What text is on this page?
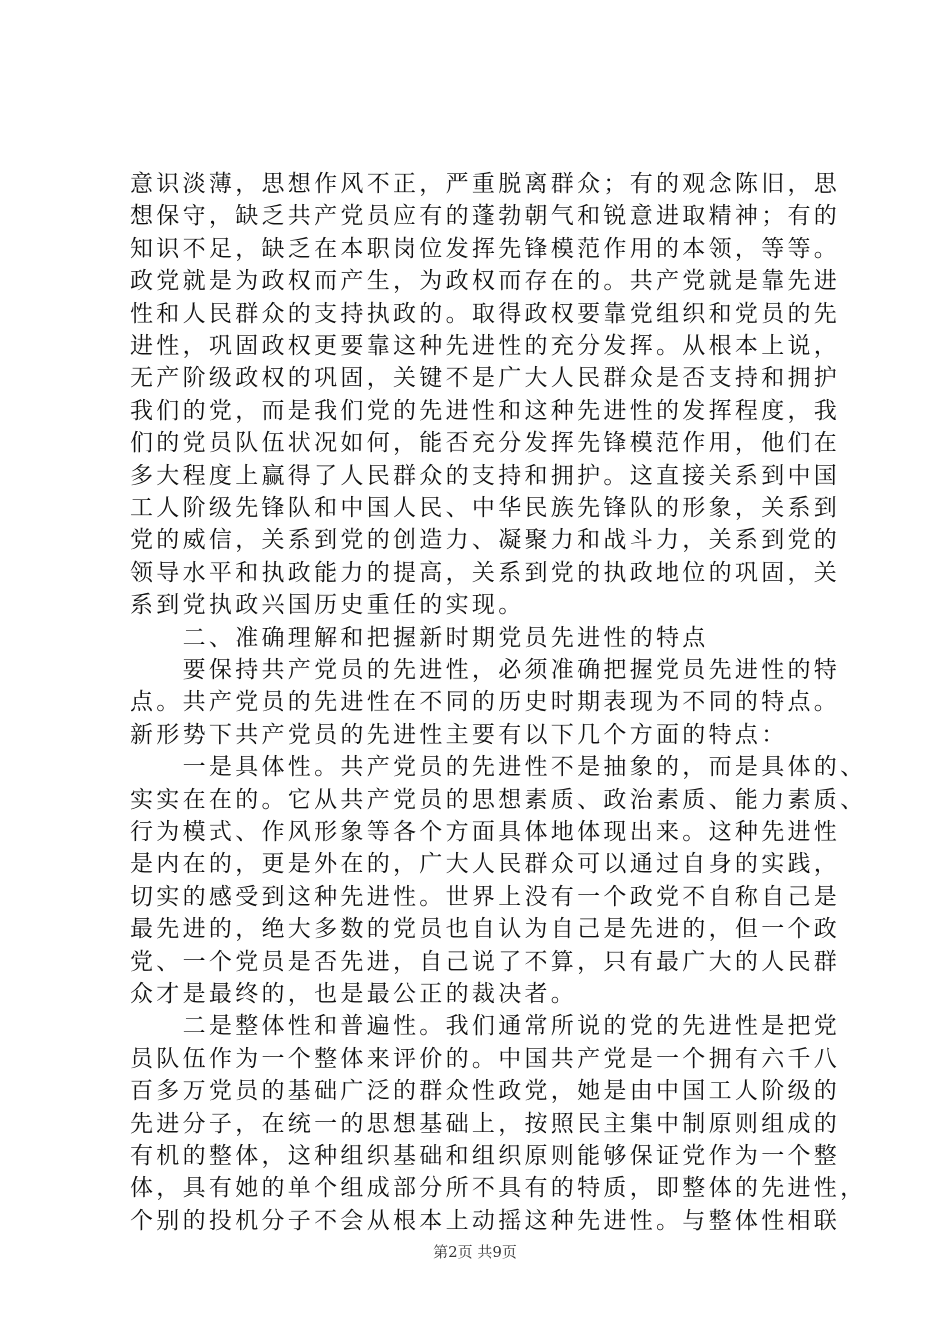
意识淡薄，思想作风不正，严重脱离群众；有的观念陈旧，思
想保守，缺乏共产党员应有的蓬勃朝气和锐意进取精神；有的
知识不足，缺乏在本职岗位发挥先锋模范作用的本领，等等。
政党就是为政权而产生，为政权而存在的。共产党就是靠先进
性和人民群众的支持执政的。取得政权要靠党组织和党员的先
进性，巩固政权更要靠这种先进性的充分发挥。从根本上说，
无产阶级政权的巩固，关键不是广大人民群众是否支持和拥护
我们的党，而是我们党的先进性和这种先进性的发挥程度，我
们的党员队伍状况如何，能否充分发挥先锋模范作用，他们在
多大程度上赢得了人民群众的支持和拥护。这直接关系到中国
工人阶级先锋队和中国人民、中华民族先锋队的形象，关系到
党的威信，关系到党的创造力、凝聚力和战斗力，关系到党的
领导水平和执政能力的提高，关系到党的执政地位的巩固，关
系到党执政兴国历史重任的实现。
　　二、准确理解和把握新时期党员先进性的特点
　　要保持共产党员的先进性，必须准确把握党员先进性的特
点。共产党员的先进性在不同的历史时期表现为不同的特点。
新形势下共产党员的先进性主要有以下几个方面的特点：
　　一是具体性。共产党员的先进性不是抽象的，而是具体的、
实实在在的。它从共产党员的思想素质、政治素质、能力素质、
行为模式、作风形象等各个方面具体地体现出来。这种先进性
是内在的，更是外在的，广大人民群众可以通过自身的实践，
切实的感受到这种先进性。世界上没有一个政党不自称自己是
最先进的，绝大多数的党员也自认为自己是先进的，但一个政
党、一个党员是否先进，自己说了不算，只有最广大的人民群
众才是最终的，也是最公正的裁决者。
　　二是整体性和普遍性。我们通常所说的党的先进性是把党
员队伍作为一个整体来评价的。中国共产党是一个拥有六千八
百多万党员的基础广泛的群众性政党，她是由中国工人阶级的
先进分子，在统一的思想基础上，按照民主集中制原则组成的
有机的整体，这种组织基础和组织原则能够保证党作为一个整
体，具有她的单个组成部分所不具有的特质，即整体的先进性，
个别的投机分子不会从根本上动摇这种先进性。与整体性相联
第2页 共9页
